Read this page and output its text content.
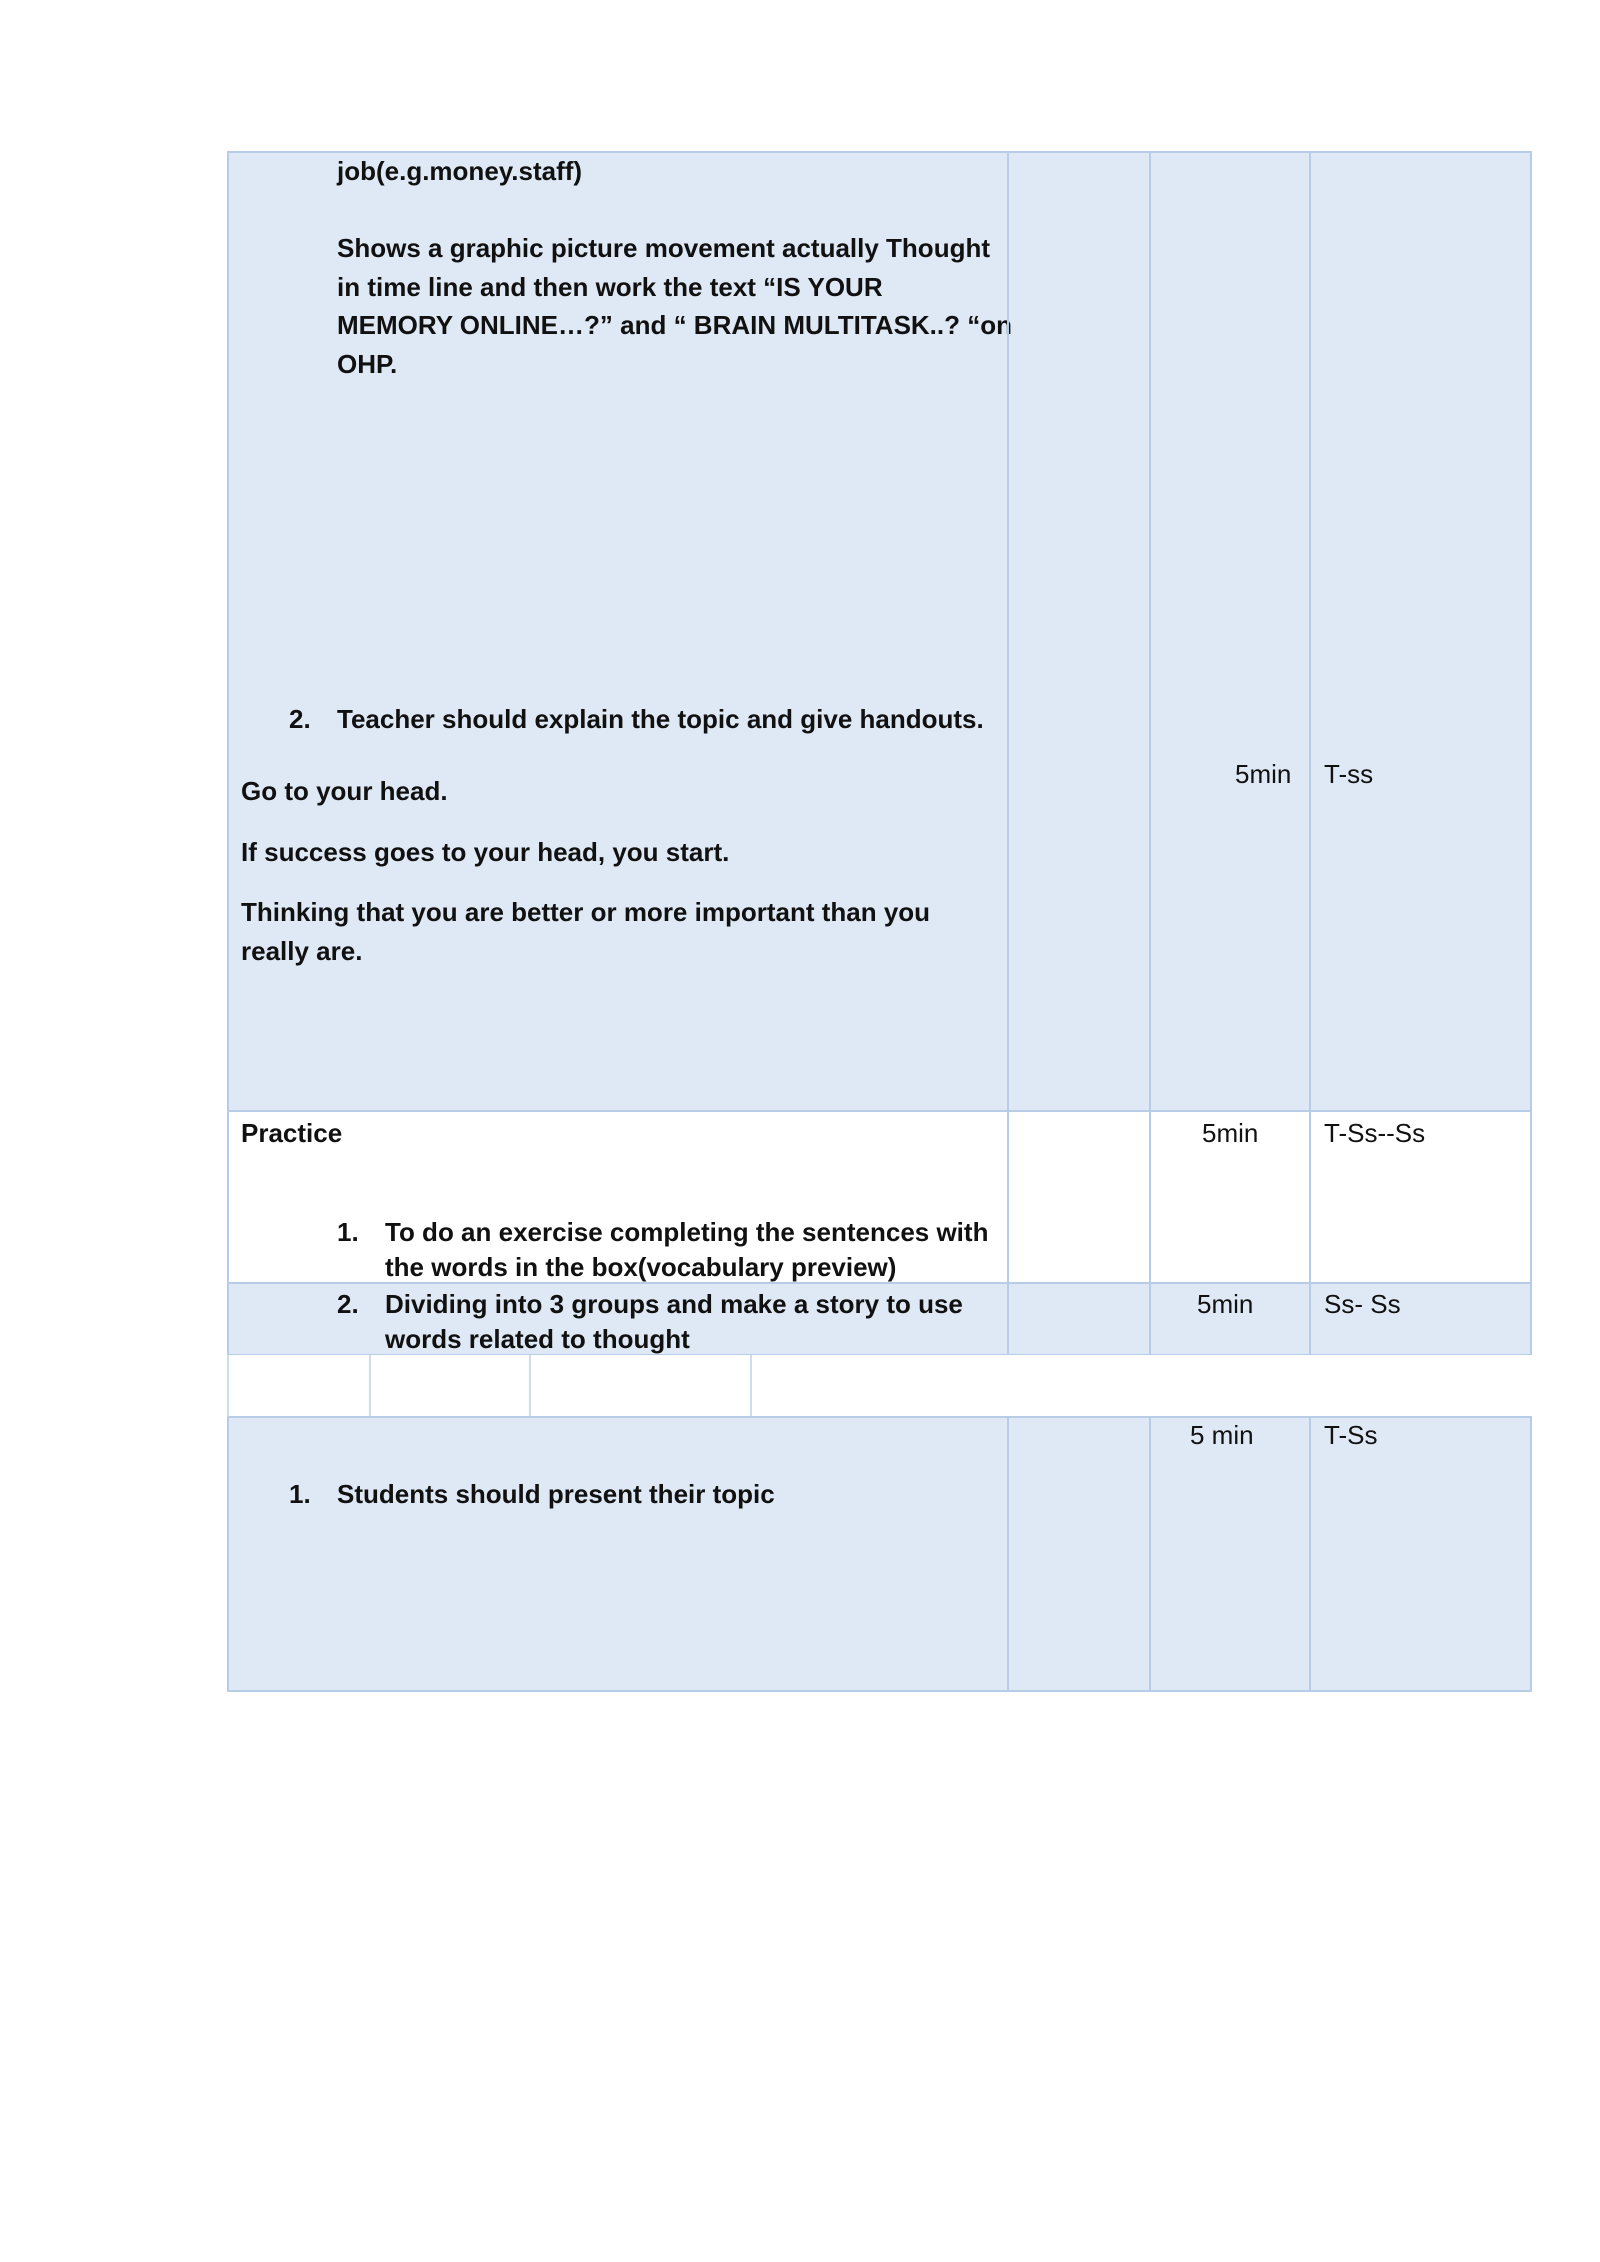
job(e.g.money.staff)
Shows a graphic picture movement actually Thought
in time line and then work the text “IS YOUR
MEMORY ONLINE…?” and “ BRAIN MULTITASK..? “on
OHP.
2. Teacher should explain the topic and give handouts.
Go to your head.
If success goes to your head, you start.
Thinking that you are better or more important than you
really are.
5min T-ss
Practice
1. To do an exercise completing the sentences with
the words in the box(vocabulary preview)
5min	T-Ss--Ss
2. Dividing into 3 groups and make a story to use
words related to thought
5min	Ss- Ss
1. Students should present their topic
5 min	T-Ss
